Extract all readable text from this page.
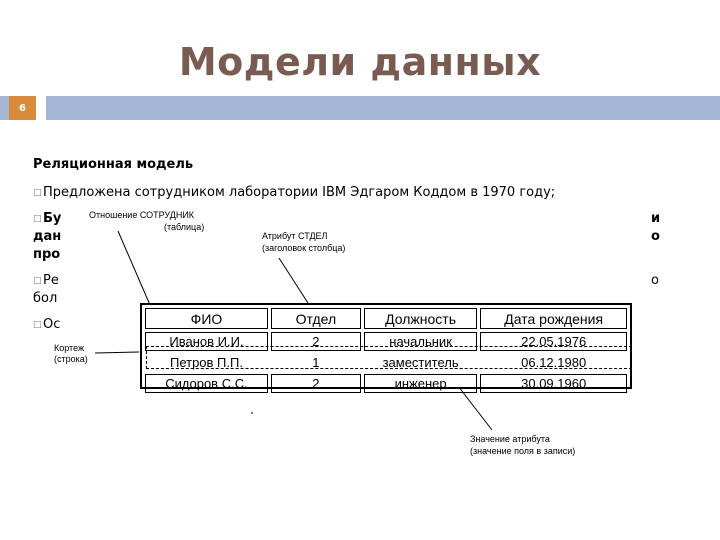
Модели данных
6
Реляционная модель
□ Предложена сотрудником лаборатории IBM Эдгаром Коддом в 1970 году;
□ Бу
дан
про
□ Ре
бол
□ Ос
и
о
о
Отношение СОТРУДНИК
(таблица)
Атрибут СТДЕЛ
(заголовок столбца)
Кортеж
(строка)
Значение атрибута
(значение поля в записи)
ФИО	Отдел	Должность	Дата рождения
Иванов И.И.	2	начальник	22.05.1976
Петров П.П.	1	заместитель	06.12.1980
Сидоров С.С.	2	инженер	30.09.1960
